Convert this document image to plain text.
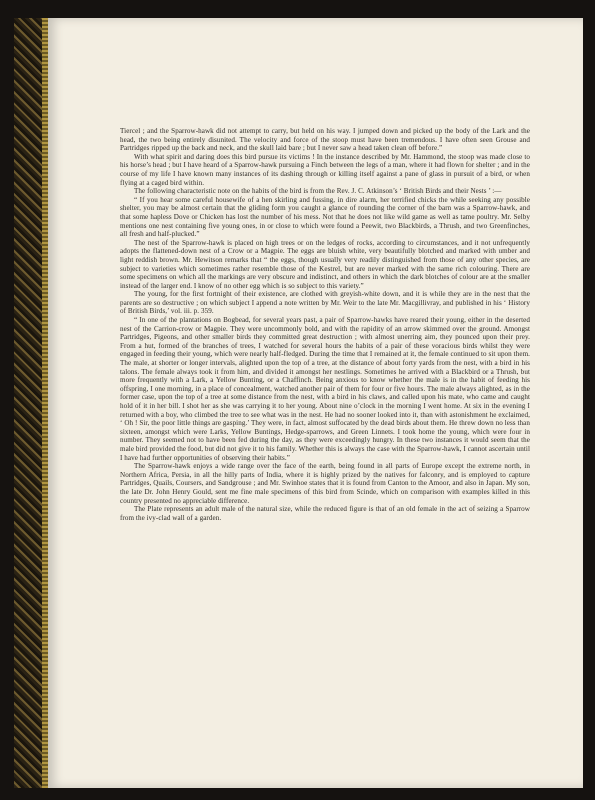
Tiercel ; and the Sparrow-hawk did not attempt to carry, but held on his way. I jumped down and picked up the body of the Lark and the head, the two being entirely disunited. The velocity and force of the stoop must have been tremendous. I have often seen Grouse and Partridges ripped up the back and neck, and the skull laid bare ; but I never saw a head taken clean off before.”

With what spirit and daring does this bird pursue its victims ! In the instance described by Mr. Hammond, the stoop was made close to his horse’s head ; but I have heard of a Sparrow-hawk pursuing a Finch between the legs of a man, where it had flown for shelter ; and in the course of my life I have known many instances of its dashing through or killing itself against a pane of glass in pursuit of a bird, or when flying at a caged bird within.

The following characteristic note on the habits of the bird is from the Rev. J. C. Atkinson’s ‘ British Birds and their Nests ’ :—

“ If you hear some careful housewife of a hen skirling and fussing, in dire alarm, her terrified chicks the while seeking any possible shelter, you may be almost certain that the gliding form you caught a glance of rounding the corner of the barn was a Sparrow-hawk, and that some hapless Dove or Chicken has lost the number of his mess. Not that he does not like wild game as well as tame poultry. Mr. Selby mentions one nest containing five young ones, in or close to which were found a Peewit, two Blackbirds, a Thrush, and two Greenfinches, all fresh and half-plucked.”

The nest of the Sparrow-hawk is placed on high trees or on the ledges of rocks, according to circumstances, and it not unfrequently adopts the flattened-down nest of a Crow or a Magpie. The eggs are bluish white, very beautifully blotched and marked with umber and light reddish brown. Mr. Hewitson remarks that “ the eggs, though usually very readily distinguished from those of any other species, are subject to varieties which sometimes rather resemble those of the Kestrel, but are never marked with the same rich colouring. There are some specimens on which all the markings are very obscure and indistinct, and others in which the dark blotches of colour are at the smaller instead of the larger end. I know of no other egg which is so subject to this variety.”

The young, for the first fortnight of their existence, are clothed with greyish-white down, and it is while they are in the nest that the parents are so destructive ; on which subject I append a note written by Mr. Weir to the late Mr. Macgillivray, and published in his ‘ History of British Birds,’ vol. iii. p. 359.

“ In one of the plantations on Bogbead, for several years past, a pair of Sparrow-hawks have reared their young, either in the deserted nest of the Carrion-crow or Magpie. They were uncommonly bold, and with the rapidity of an arrow skimmed over the ground. Amongst Partridges, Pigeons, and other smaller birds they committed great destruction ; with almost unerring aim, they pounced upon their prey. From a hut, formed of the branches of trees, I watched for several hours the habits of a pair of these voracious birds whilst they were engaged in feeding their young, which were nearly half-fledged. During the time that I remained at it, the female continued to sit upon them. The male, at shorter or longer intervals, alighted upon the top of a tree, at the distance of about forty yards from the nest, with a bird in his talons. The female always took it from him, and divided it amongst her nestlings. Sometimes he arrived with a Blackbird or a Thrush, but more frequently with a Lark, a Yellow Bunting, or a Chaffinch. Being anxious to know whether the male is in the habit of feeding his offspring, I one morning, in a place of concealment, watched another pair of them for four or five hours. The male always alighted, as in the former case, upon the top of a tree at some distance from the nest, with a bird in his claws, and called upon his mate, who came and caught hold of it in her bill. I shot her as she was carrying it to her young. About nine o’clock in the morning I went home. At six in the evening I returned with a boy, who climbed the tree to see what was in the nest. He had no sooner looked into it, than with astonishment he exclaimed, ‘ Oh ! Sir, the poor little things are gasping.’ They were, in fact, almost suffocated by the dead birds about them. He threw down no less than sixteen, amongst which were Larks, Yellow Buntings, Hedge-sparrows, and Green Linnets. I took home the young, which were four in number. They seemed not to have been fed during the day, as they were exceedingly hungry. In these two instances it would seem that the male bird provided the food, but did not give it to his family. Whether this is always the case with the Sparrow-hawk, I cannot ascertain until I have had further opportunities of observing their habits.”

The Sparrow-hawk enjoys a wide range over the face of the earth, being found in all parts of Europe except the extreme north, in Northern Africa, Persia, in all the hilly parts of India, where it is highly prized by the natives for falconry, and is employed to capture Partridges, Quails, Coursers, and Sandgrouse ; and Mr. Swinhoe states that it is found from Canton to the Amoor, and also in Japan. My son, the late Dr. John Henry Gould, sent me fine male specimens of this bird from Scinde, which on comparison with examples killed in this country presented no appreciable difference.

The Plate represents an adult male of the natural size, while the reduced figure is that of an old female in the act of seizing a Sparrow from the ivy-clad wall of a garden.
